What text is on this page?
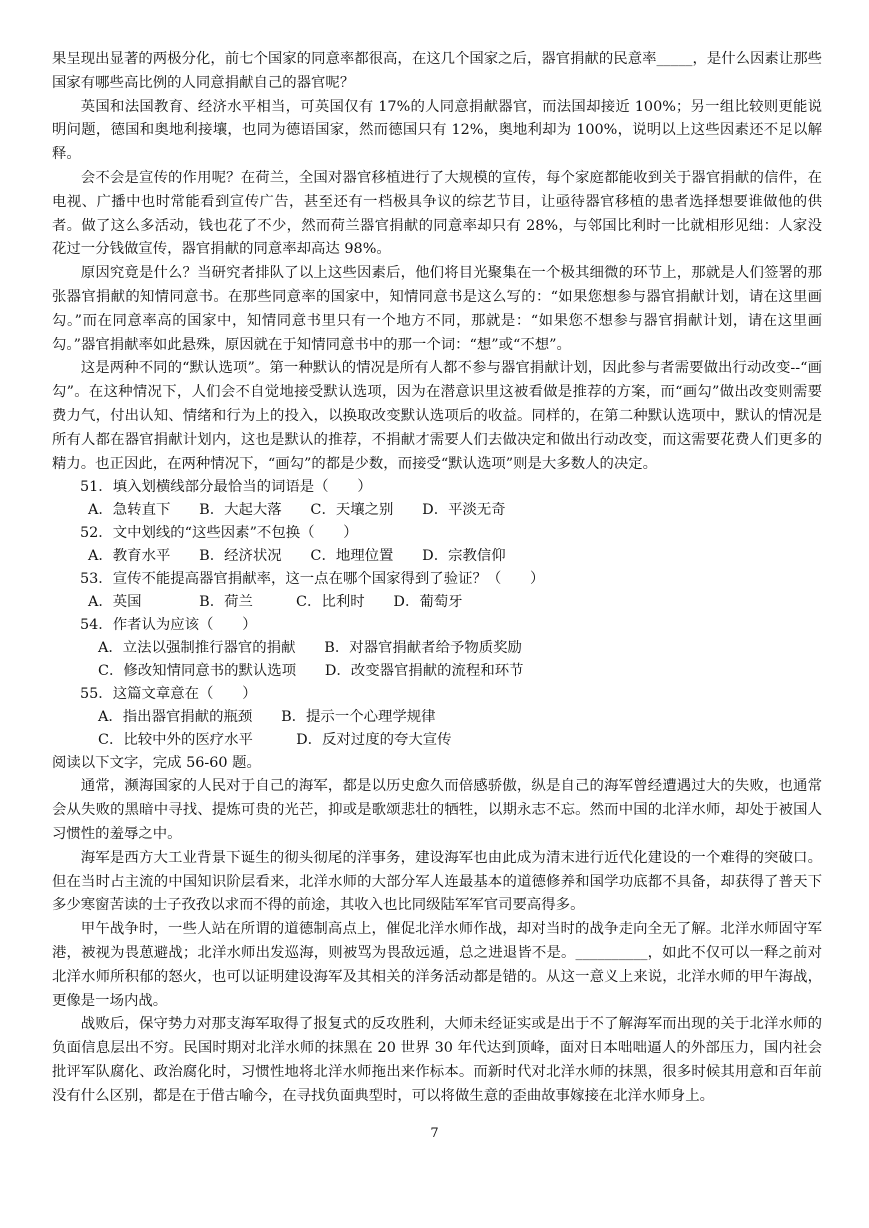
果呈现出显著的两极分化，前七个国家的同意率都很高，在这几个国家之后，器官捐献的民意率_____，是什么因素让那些国家有哪些高比例的人同意捐献自己的器官呢？

英国和法国教育、经济水平相当，可英国仅有 17%的人同意捐献器官，而法国却接近 100%；另一组比较则更能说明问题，德国和奥地利接壤，也同为德语国家，然而德国只有 12%，奥地利却为 100%，说明以上这些因素还不足以解释。

会不会是宣传的作用呢？在荷兰，全国对器官移植进行了大规模的宣传，每个家庭都能收到关于器官捐献的信件，在电视、广播中也时常能看到宣传广告，甚至还有一档极具争议的综艺节目，让亟待器官移植的患者选择想要谁做他的供者。做了这么多活动，钱也花了不少，然而荷兰器官捐献的同意率却只有 28%，与邻国比利时一比就相形见绌：人家没花过一分钱做宣传，器官捐献的同意率却高达 98%。

原因究竟是什么？当研究者排队了以上这些因素后，他们将目光聚集在一个极其细微的环节上，那就是人们签署的那张器官捐献的知情同意书。在那些同意率的国家中，知情同意书是这么写的：“如果您想参与器官捐献计划，请在这里画勾。”而在同意率高的国家中，知情同意书里只有一个地方不同，那就是：“如果您不想参与器官捐献计划，请在这里画勾。”器官捐献率如此悬殊，原因就在于知情同意书中的那一个词：“想”或“不想”。

这是两种不同的“默认选项”。第一种默认的情况是所有人都不参与器官捐献计划，因此参与者需要做出行动改变--“画勾”。在这种情况下，人们会不自觉地接受默认选项，因为在潜意识里这被看做是推荐的方案，而“画勾”做出改变则需要费力气，付出认知、情绪和行为上的投入，以换取改变默认选项后的收益。同样的，在第二种默认选项中，默认的情况是所有人都在器官捐献计划内，这也是默认的推荐，不捐献才需要人们去做决定和做出行动改变，而这需要花费人们更多的精力。也正因此，在两种情况下，“画勾”的都是少数，而接受“默认选项”则是大多数人的决定。

51．填入划横线部分最恰当的词语是（　　）

A．急转直下　　B．大起大落　　C．天壤之别　　D．平淡无奇

52．文中划线的“这些因素”不包换（　　）

A．教育水平　　B．经济状况　　C．地理位置　　D．宗教信仰

53．宣传不能提高器官捐献率，这一点在哪个国家得到了验证？（　　）

A．英国　　　　B．荷兰　　　C．比利时　　D．葡萄牙

54．作者认为应该（　　）

A．立法以强制推行器官的捐献　　B．对器官捐献者给予物质奖励

C．修改知情同意书的默认选项　　D．改变器官捐献的流程和环节

55．这篇文章意在（　　）

A．指出器官捐献的瓶颈　　B．提示一个心理学规律

C．比较中外的医疗水平　　　D．反对过度的夸大宣传

阅读以下文字，完成 56-60 题。

通常，濒海国家的人民对于自己的海军，都是以历史愈久而倍感骄傲，纵是自己的海军曾经遭遇过大的失败，也通常会从失败的黑暗中寻找、提炼可贵的光芒，抑或是歌颂悲壮的牺牲，以期永志不忘。然而中国的北洋水师，却处于被国人习惯性的羞辱之中。

海军是西方大工业背景下诞生的彻头彻尾的洋事务，建设海军也由此成为清末进行近代化建设的一个难得的突破口。但在当时占主流的中国知识阶层看来，北洋水师的大部分军人连最基本的道德修养和国学功底都不具备，却获得了普天下多少寒窗苦读的士子孜孜以求而不得的前途，其收入也比同级陆军军官司要高得多。

甲午战争时，一些人站在所谓的道德制高点上，催促北洋水师作战，却对当时的战争走向全无了解。北洋水师固守军港，被视为畏葸避战；北洋水师出发巡海，则被骂为畏敌远遁，总之进退皆不是。__________，如此不仅可以一释之前对北洋水师所积郁的怒火，也可以证明建设海军及其相关的洋务活动都是错的。从这一意义上来说，北洋水师的甲午海战，更像是一场内战。

战败后，保守势力对那支海军取得了报复式的反攻胜利，大师未经证实或是出于不了解海军而出现的关于北洋水师的负面信息层出不穷。民国时期对北洋水师的抹黑在 20 世界 30 年代达到顶峰，面对日本咄咄逼人的外部压力，国内社会批评军队腐化、政治腐化时，习惯性地将北洋水师拖出来作标本。而新时代对北洋水师的抹黑，很多时候其用意和百年前没有什么区别，都是在于借古喻今，在寻找负面典型时，可以将做生意的歪曲故事嫁接在北洋水师身上。

7
